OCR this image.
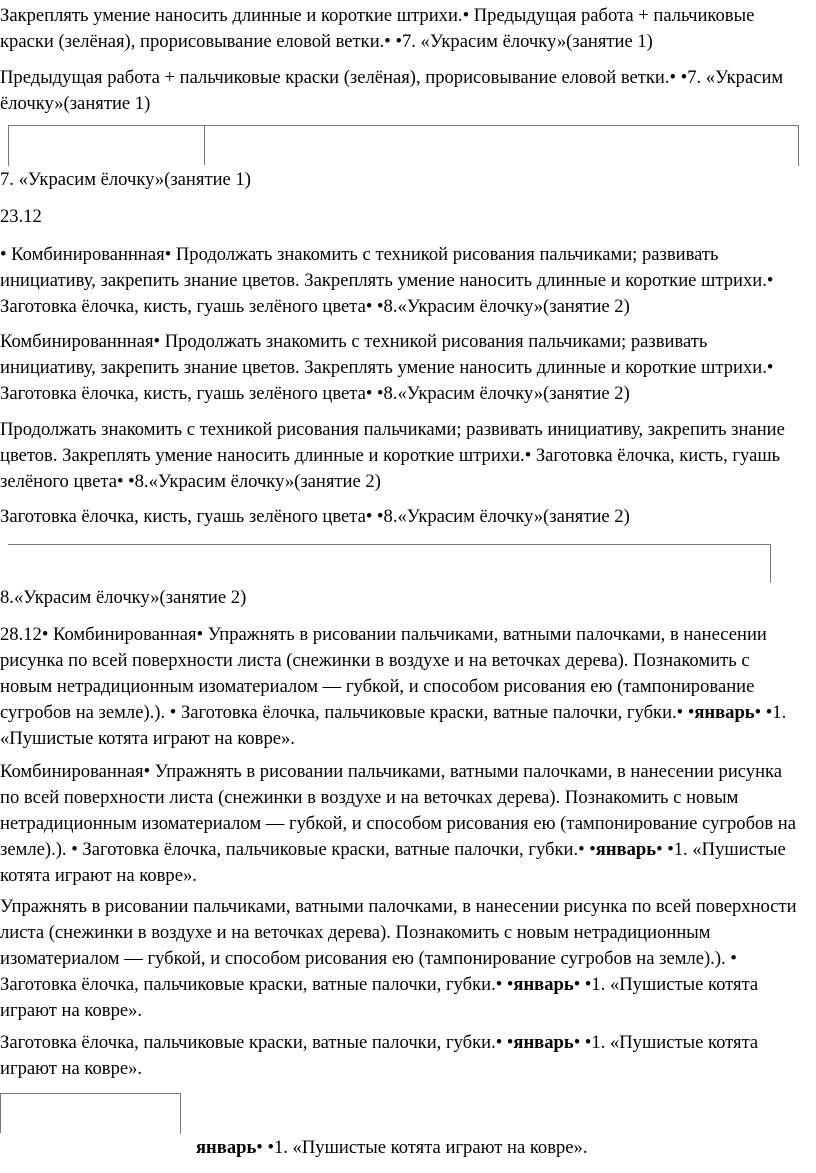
Закреплять умение наносить длинные и короткие штрихи.• Предыдущая работа + пальчиковые краски (зелёная), прорисовывание еловой ветки.• •7. «Украсим ёлочку»(занятие 1)

Предыдущая работа + пальчиковые краски (зелёная), прорисовывание еловой ветки.• •7. «Украсим ёлочку»(занятие 1)

7. «Украсим ёлочку»(занятие 1)

23.12

• Комбинированнная• Продолжать знакомить с техникой рисования пальчиками; развивать инициативу, закрепить знание цветов. Закреплять умение наносить длинные и короткие штрихи.• Заготовка ёлочка, кисть, гуашь зелёного цвета• •8.«Украсим ёлочку»(занятие 2)

Комбинированнная• Продолжать знакомить с техникой рисования пальчиками; развивать инициативу, закрепить знание цветов. Закреплять умение наносить длинные и короткие штрихи.• Заготовка ёлочка, кисть, гуашь зелёного цвета• •8.«Украсим ёлочку»(занятие 2)

Продолжать знакомить с техникой рисования пальчиками; развивать инициативу, закрепить знание цветов. Закреплять умение наносить длинные и короткие штрихи.• Заготовка ёлочка, кисть, гуашь зелёного цвета• •8.«Украсим ёлочку»(занятие 2)

Заготовка ёлочка, кисть, гуашь зелёного цвета• •8.«Украсим ёлочку»(занятие 2)

8.«Украсим ёлочку»(занятие 2)

28.12• Комбинированная• Упражнять в рисовании пальчиками, ватными палочками, в нанесении рисунка по всей поверхности листа (снежинки в воздухе и на веточках дерева). Познакомить с новым нетрадиционным изоматериалом — губкой, и способом рисования ею (тампонирование сугробов на земле).). • Заготовка ёлочка, пальчиковые краски, ватные палочки, губки.• •январь• •1. «Пушистые котята играют на ковре».

Комбинированная• Упражнять в рисовании пальчиками, ватными палочками, в нанесении рисунка по всей поверхности листа (снежинки в воздухе и на веточках дерева). Познакомить с новым нетрадиционным изоматериалом — губкой, и способом рисования ею (тампонирование сугробов на земле).). • Заготовка ёлочка, пальчиковые краски, ватные палочки, губки.• •январь• •1. «Пушистые котята играют на ковре».

Упражнять в рисовании пальчиками, ватными палочками, в нанесении рисунка по всей поверхности листа (снежинки в воздухе и на веточках дерева). Познакомить с новым нетрадиционным изоматериалом — губкой, и способом рисования ею (тампонирование сугробов на земле).). • Заготовка ёлочка, пальчиковые краски, ватные палочки, губки.• •январь• •1. «Пушистые котята играют на ковре».

Заготовка ёлочка, пальчиковые краски, ватные палочки, губки.• •январь• •1. «Пушистые котята играют на ковре».

январь• •1. «Пушистые котята играют на ковре».
